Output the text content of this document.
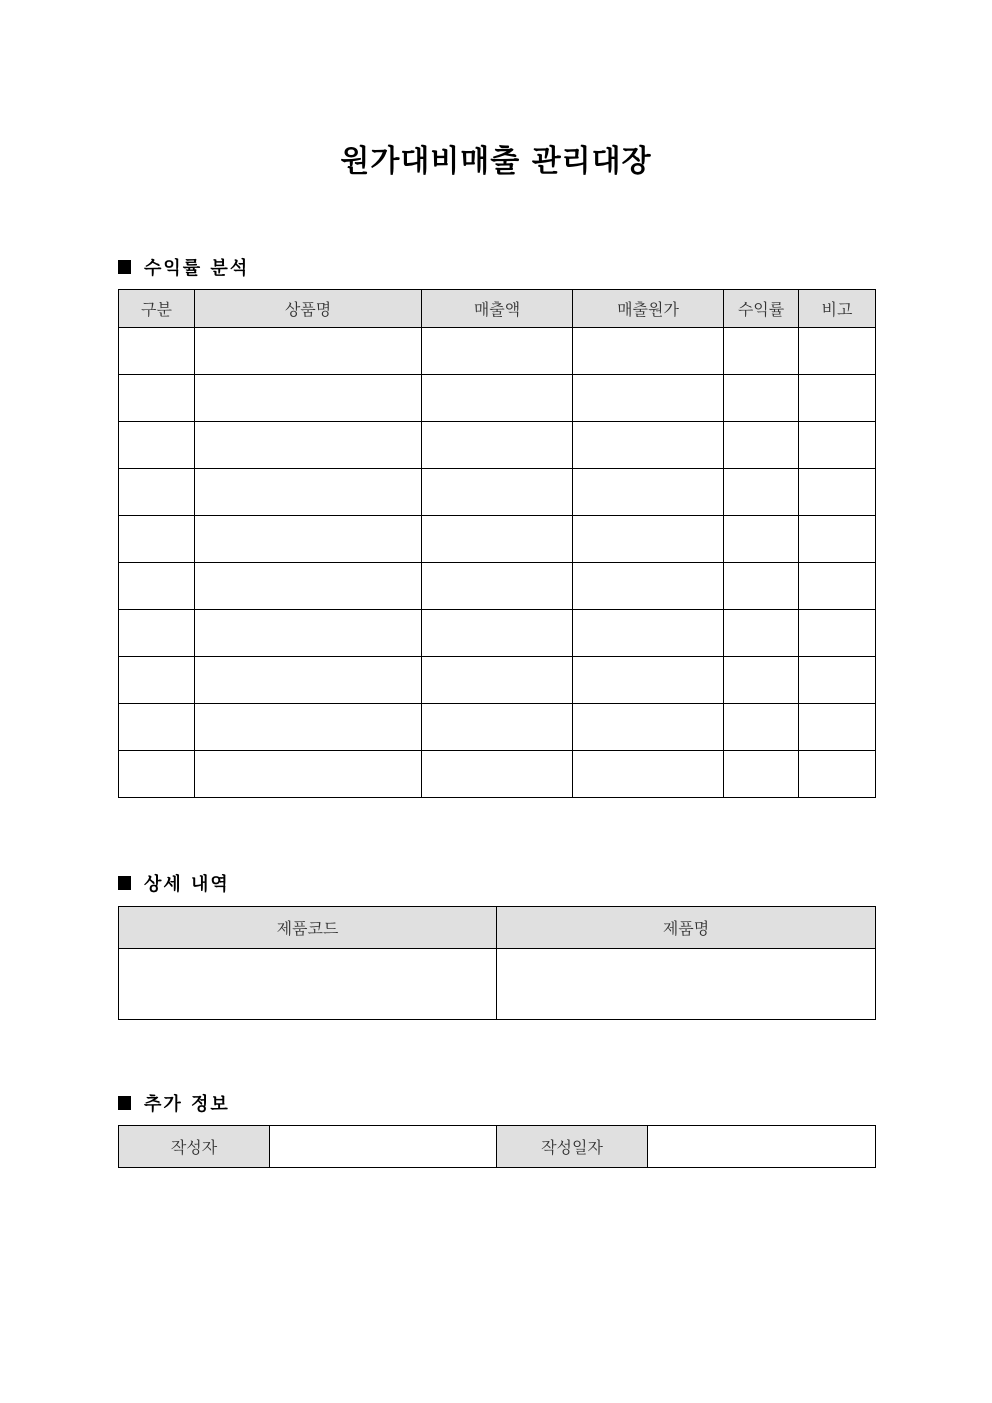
원가대비매출 관리대장
수익률 분석
구분	상품명	매출액	매출원가	수익률	비고

상세 내역
제품코드	제품명

추가 정보
작성자		작성일자	
